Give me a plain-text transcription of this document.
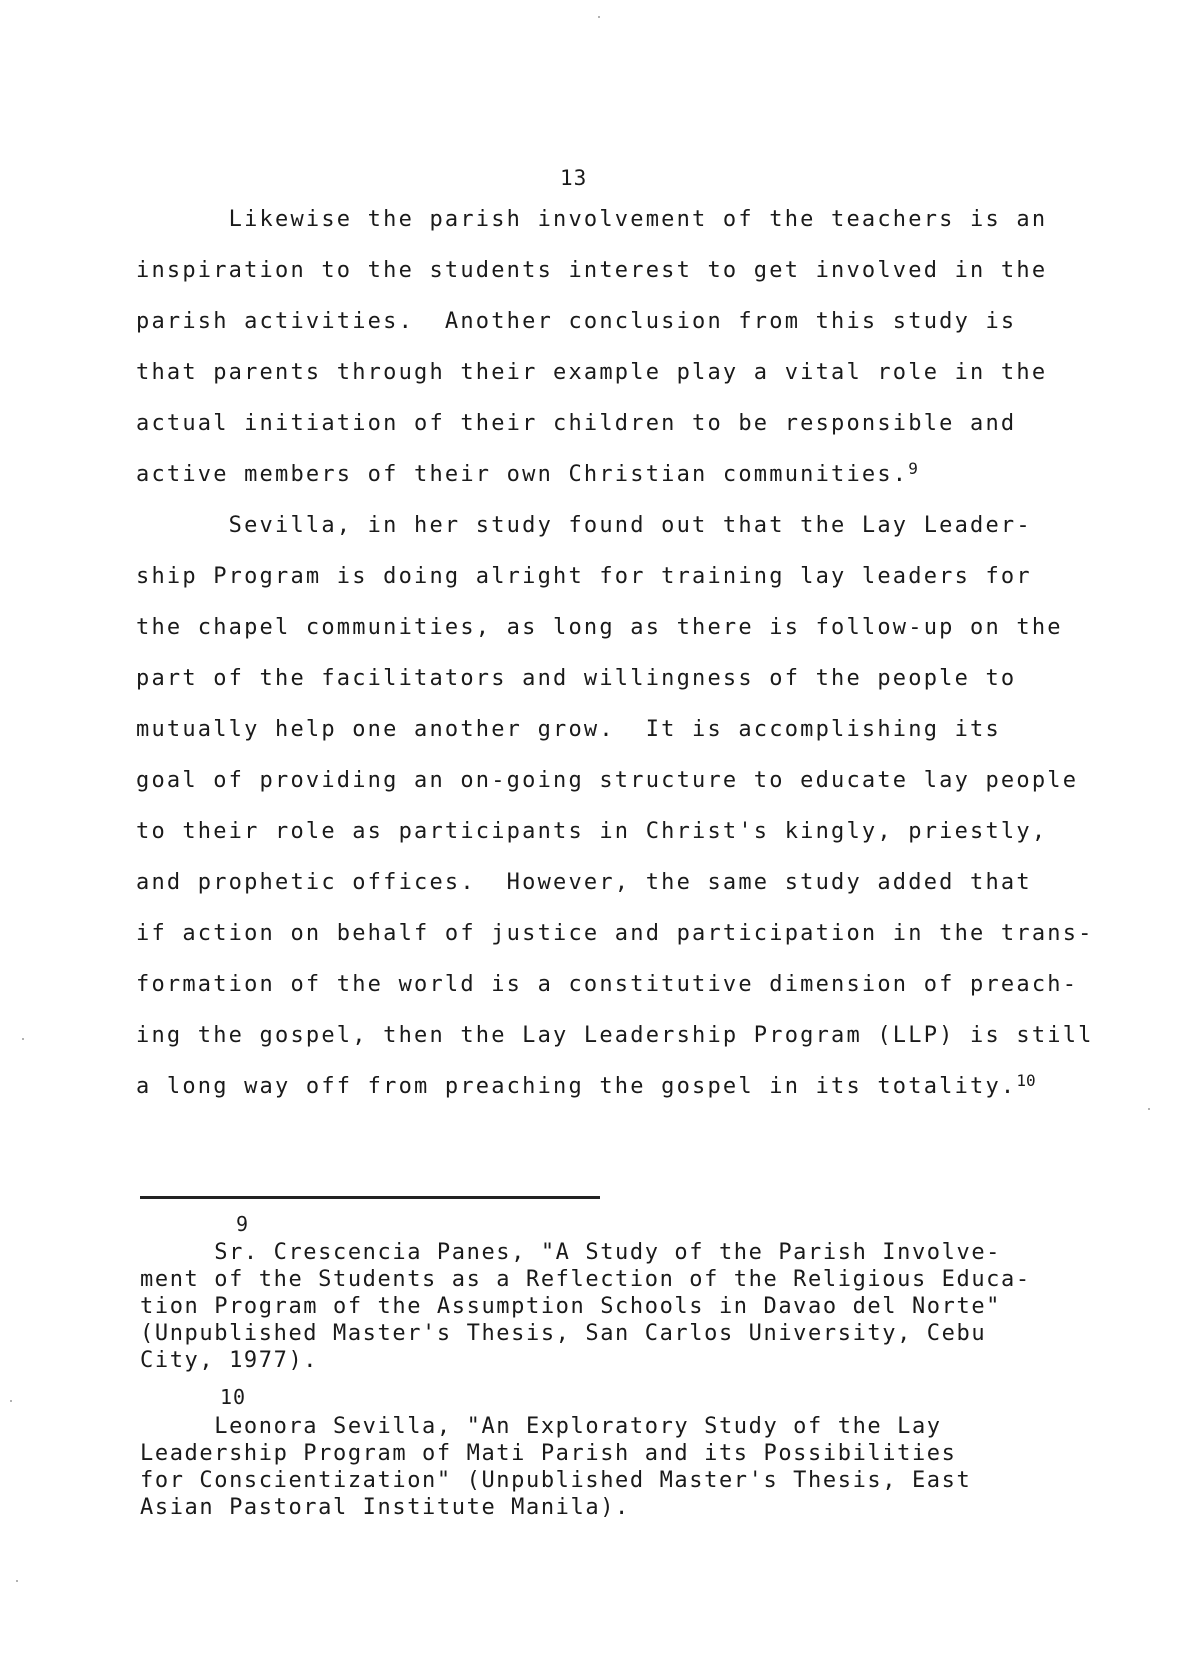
13
Likewise the parish involvement of the teachers is an
inspiration to the students interest to get involved in the
parish activities.  Another conclusion from this study is
that parents through their example play a vital role in the
actual initiation of their children to be responsible and
active members of their own Christian communities.$^9$
Sevilla, in her study found out that the Lay Leader-
ship Program is doing alright for training lay leaders for
the chapel communities, as long as there is follow-up on the
part of the facilitators and willingness of the people to
mutually help one another grow.  It is accomplishing its
goal of providing an on-going structure to educate lay people
to their role as participants in Christ's kingly, priestly,
and prophetic offices.  However, the same study added that
if action on behalf of justice and participation in the trans-
formation of the world is a constitutive dimension of preach-
ing the gospel, then the Lay Leadership Program (LLP) is still
a long way off from preaching the gospel in its totality.$^{10}$
9
Sr. Crescencia Panes, "A Study of the Parish Involve-
ment of the Students as a Reflection of the Religious Educa-
tion Program of the Assumption Schools in Davao del Norte"
(Unpublished Master's Thesis, San Carlos University, Cebu
City, 1977).
10
Leonora Sevilla, "An Exploratory Study of the Lay
Leadership Program of Mati Parish and its Possibilities
for Conscientization" (Unpublished Master's Thesis, East
Asian Pastoral Institute Manila).
